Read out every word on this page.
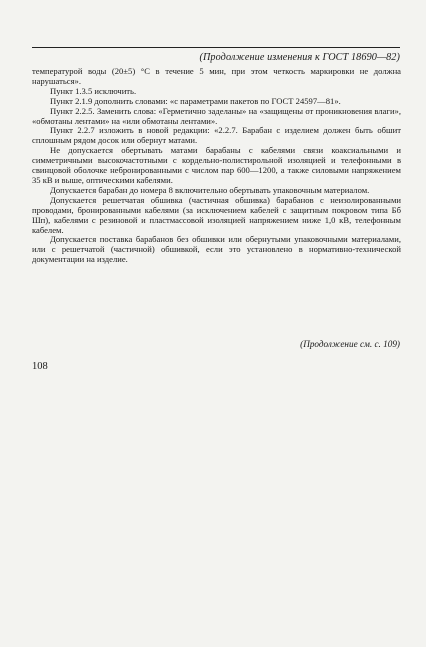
(Продолжение изменения к ГОСТ 18690—82)

температурой воды (20±5) °С в течение 5 мин, при этом четкость маркировки не должна нарушаться».

Пункт 1.3.5 исключить.

Пункт 2.1.9 дополнить словами: «с параметрами пакетов по ГОСТ 24597—81».

Пункт 2.2.5. Заменить слова: «Герметично заделаны» на «защищены от проникновения влаги», «обмотаны лентами» на «или обмотаны лентами».

Пункт 2.2.7 изложить в новой редакции: «2.2.7. Барабан с изделием должен быть обшит сплошным рядом досок или обернут матами.

Не допускается обертывать матами барабаны с кабелями связи коаксиальными и симметричными высокочастотными с кордельно-полистирольной изоляцией и телефонными в свинцовой оболочке небронированными с числом пар 600—1200, а также силовыми напряжением 35 кВ и выше, оптическими кабелями.

Допускается барабан до номера 8 включительно обертывать упаковочным материалом.

Допускается решетчатая обшивка (частичная обшивка) барабанов с неизолированными проводами, бронированными кабелями (за исключением кабелей с защитным покровом типа Бб Шп), кабелями с резиновой и пластмассовой изоляцией напряжением ниже 1,0 кВ, телефонным кабелем.

Допускается поставка барабанов без обшивки или обернутыми упаковочными материалами, или с решетчатой (частичной) обшивкой, если это установлено в нормативно-технической документации на изделие.

(Продолжение см. с. 109)
108
